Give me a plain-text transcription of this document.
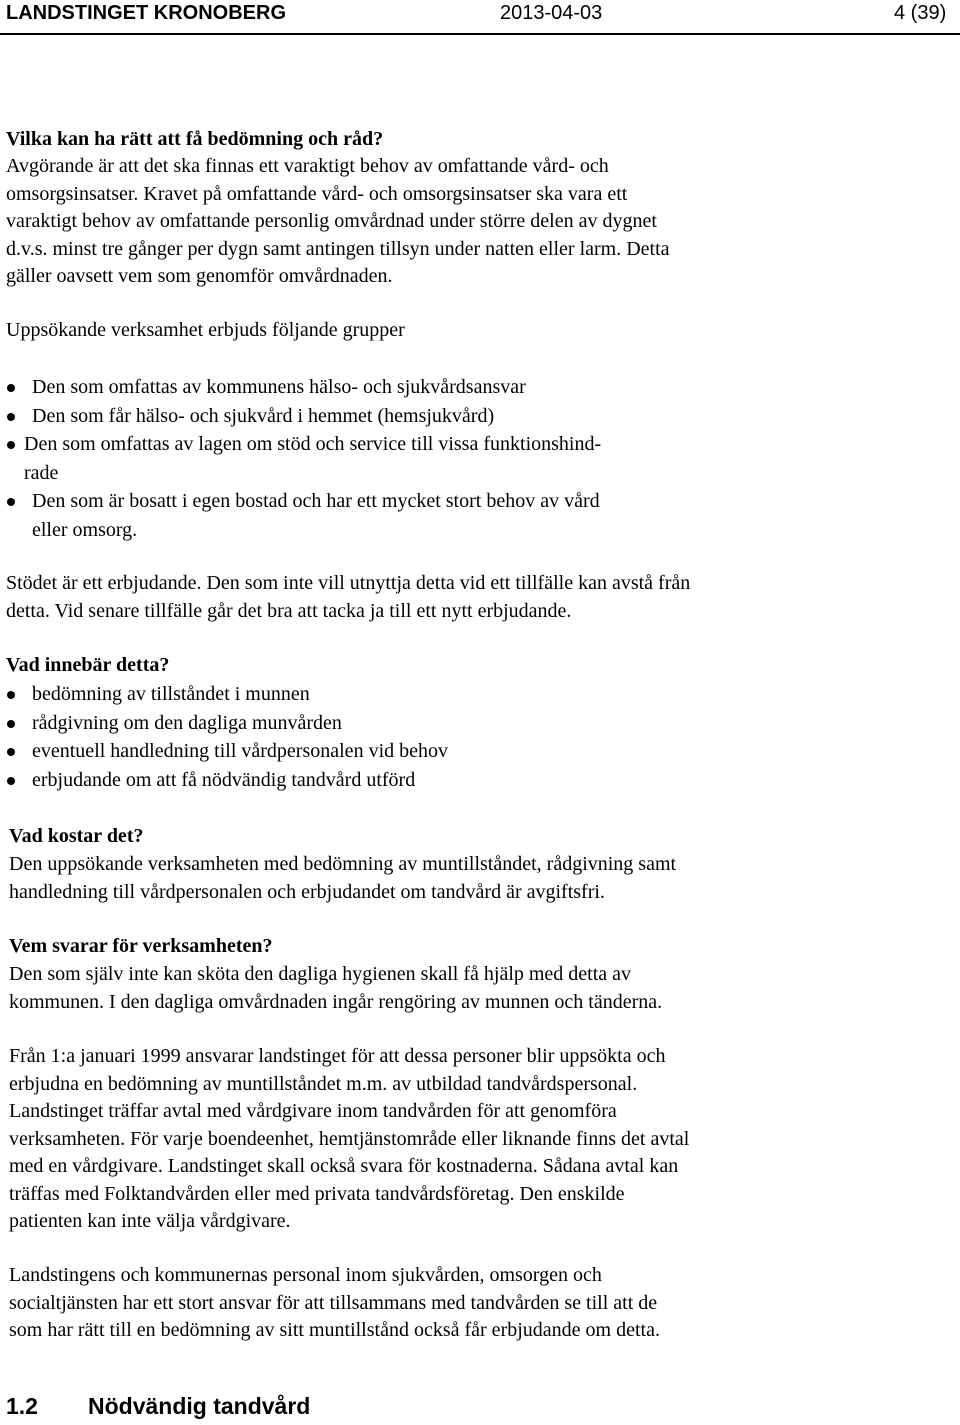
LANDSTINGET KRONOBERG	2013-04-03	4 (39)
Vilka kan ha rätt att få bedömning och råd?
Avgörande är att det ska finnas ett varaktigt behov av omfattande vård- och
omsorgsinsatser. Kravet på omfattande vård- och omsorgsinsatser ska vara ett
varaktigt behov av omfattande personlig omvårdnad under större delen av dygnet
d.v.s. minst tre gånger per dygn samt antingen tillsyn under natten eller larm. Detta
gäller oavsett vem som genomför omvårdnaden.
Uppsökande verksamhet erbjuds följande grupper
Den som omfattas av kommunens hälso- och sjukvårdsansvar
Den som får hälso- och sjukvård i hemmet (hemsjukvård)
Den som omfattas av lagen om stöd och service till vissa funktionshind-
rade
Den som är bosatt i egen bostad och har ett mycket stort behov av vård
eller omsorg.
Stödet är ett erbjudande. Den som inte vill utnyttja detta vid ett tillfälle kan avstå från
detta. Vid senare tillfälle går det bra att tacka ja till ett nytt erbjudande.
Vad innebär detta?
bedömning av tillståndet i munnen
rådgivning om den dagliga munvården
eventuell handledning till vårdpersonalen vid behov
erbjudande om att få nödvändig tandvård utförd
Vad kostar det?
Den uppsökande verksamheten med bedömning av muntillståndet, rådgivning samt
handledning till vårdpersonalen och erbjudandet om tandvård är avgiftsfri.
Vem svarar för verksamheten?
Den som själv inte kan sköta den dagliga hygienen skall få hjälp med detta av
kommunen. I den dagliga omvårdnaden ingår rengöring av munnen och tänderna.
Från 1:a januari 1999 ansvarar landstinget för att dessa personer blir uppsökta och
erbjudna en bedömning av muntillståndet m.m. av utbildad tandvårdspersonal.
Landstinget träffar avtal med vårdgivare inom tandvården för att genomföra
verksamheten. För varje boendeenhet, hemtjänstområde eller liknande finns det avtal
med en vårdgivare. Landstinget skall också svara för kostnaderna. Sådana avtal kan
träffas med Folktandvården eller med privata tandvårdsföretag. Den enskilde
patienten kan inte välja vårdgivare.
Landstingens och kommunernas personal inom sjukvården, omsorgen och
socialtjänsten har ett stort ansvar för att tillsammans med tandvården se till att de
som har rätt till en bedömning av sitt muntillstånd också får erbjudande om detta.
1.2 Nödvändig tandvård
